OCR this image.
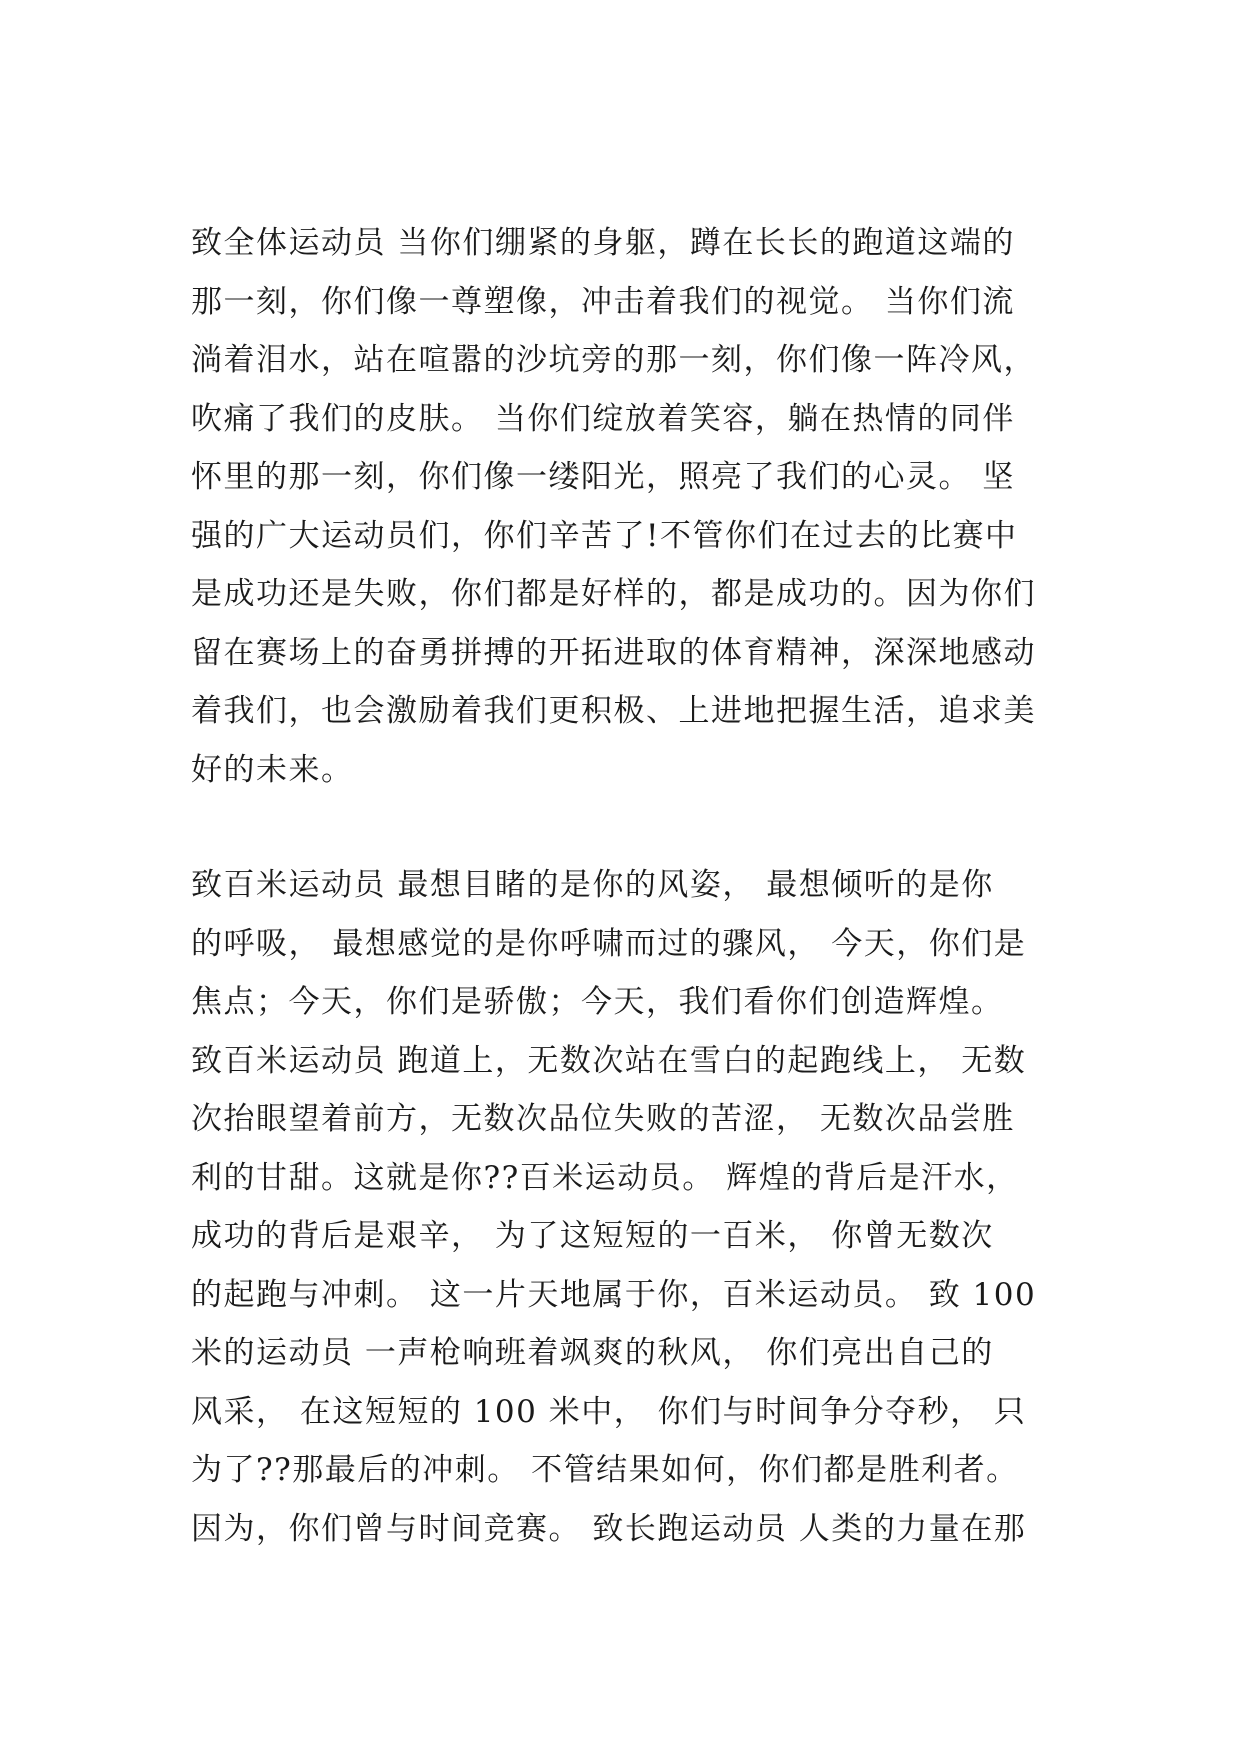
致全体运动员 当你们绷紧的身躯，蹲在长长的跑道这端的
那一刻，你们像一尊塑像，冲击着我们的视觉。 当你们流
淌着泪水，站在喧嚣的沙坑旁的那一刻，你们像一阵冷风，
吹痛了我们的皮肤。 当你们绽放着笑容，躺在热情的同伴
怀里的那一刻，你们像一缕阳光，照亮了我们的心灵。 坚
强的广大运动员们，你们辛苦了!不管你们在过去的比赛中
是成功还是失败，你们都是好样的，都是成功的。因为你们
留在赛场上的奋勇拼搏的开拓进取的体育精神，深深地感动
着我们，也会激励着我们更积极、上进地把握生活，追求美
好的未来。
致百米运动员 最想目睹的是你的风姿， 最想倾听的是你
的呼吸， 最想感觉的是你呼啸而过的骤风， 今天，你们是
焦点；今天，你们是骄傲；今天，我们看你们创造辉煌。
致百米运动员 跑道上，无数次站在雪白的起跑线上， 无数
次抬眼望着前方，无数次品位失败的苦涩， 无数次品尝胜
利的甘甜。这就是你??百米运动员。 辉煌的背后是汗水，
成功的背后是艰辛， 为了这短短的一百米， 你曾无数次
的起跑与冲刺。 这一片天地属于你，百米运动员。 致 100
米的运动员 一声枪响班着飒爽的秋风， 你们亮出自己的
风采， 在这短短的 100 米中， 你们与时间争分夺秒， 只
为了??那最后的冲刺。 不管结果如何，你们都是胜利者。
因为，你们曾与时间竞赛。 致长跑运动员 人类的力量在那
